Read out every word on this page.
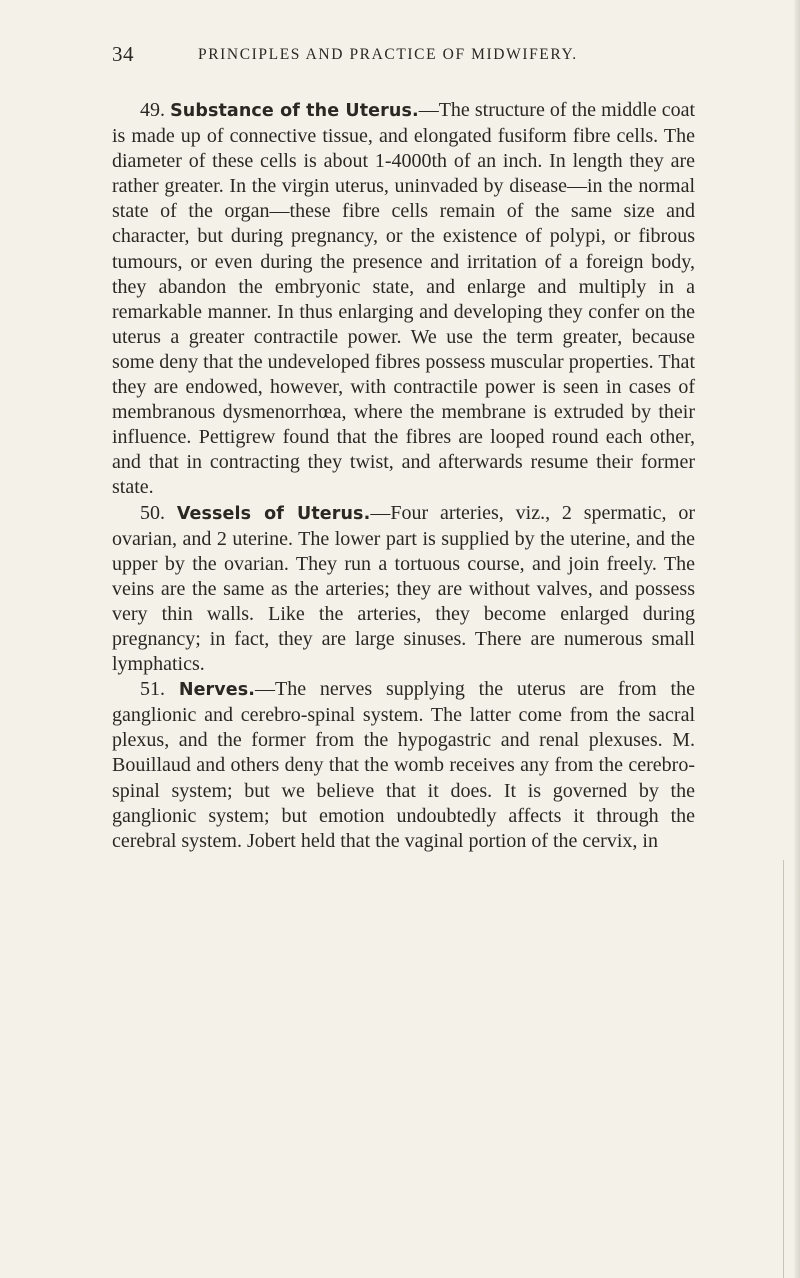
34	PRINCIPLES AND PRACTICE OF MIDWIFERY.

49. Substance of the Uterus.—The structure of the middle coat is made up of connective tissue, and elongated fusiform fibre cells. The diameter of these cells is about 1-4000th of an inch. In length they are rather greater. In the virgin uterus, uninvaded by disease—in the normal state of the organ—these fibre cells remain of the same size and character, but during pregnancy, or the existence of polypi, or fibrous tumours, or even during the presence and irritation of a foreign body, they abandon the embryonic state, and enlarge and multiply in a remarkable manner. In thus enlarging and developing they confer on the uterus a greater contractile power. We use the term greater, because some deny that the undeveloped fibres possess muscular properties. That they are endowed, however, with contractile power is seen in cases of membranous dysmenorrhœa, where the membrane is extruded by their influence. Pettigrew found that the fibres are looped round each other, and that in contracting they twist, and afterwards resume their former state.

50. Vessels of Uterus.—Four arteries, viz., 2 spermatic, or ovarian, and 2 uterine. The lower part is supplied by the uterine, and the upper by the ovarian. They run a tortuous course, and join freely. The veins are the same as the arteries; they are without valves, and possess very thin walls. Like the arteries, they become enlarged during pregnancy; in fact, they are large sinuses. There are numerous small lymphatics.

51. Nerves.—The nerves supplying the uterus are from the ganglionic and cerebro-spinal system. The latter come from the sacral plexus, and the former from the hypogastric and renal plexuses. M. Bouillaud and others deny that the womb receives any from the cerebro-spinal system; but we believe that it does. It is governed by the ganglionic system; but emotion undoubtedly affects it through the cerebral system. Jobert held that the vaginal portion of the cervix, in
